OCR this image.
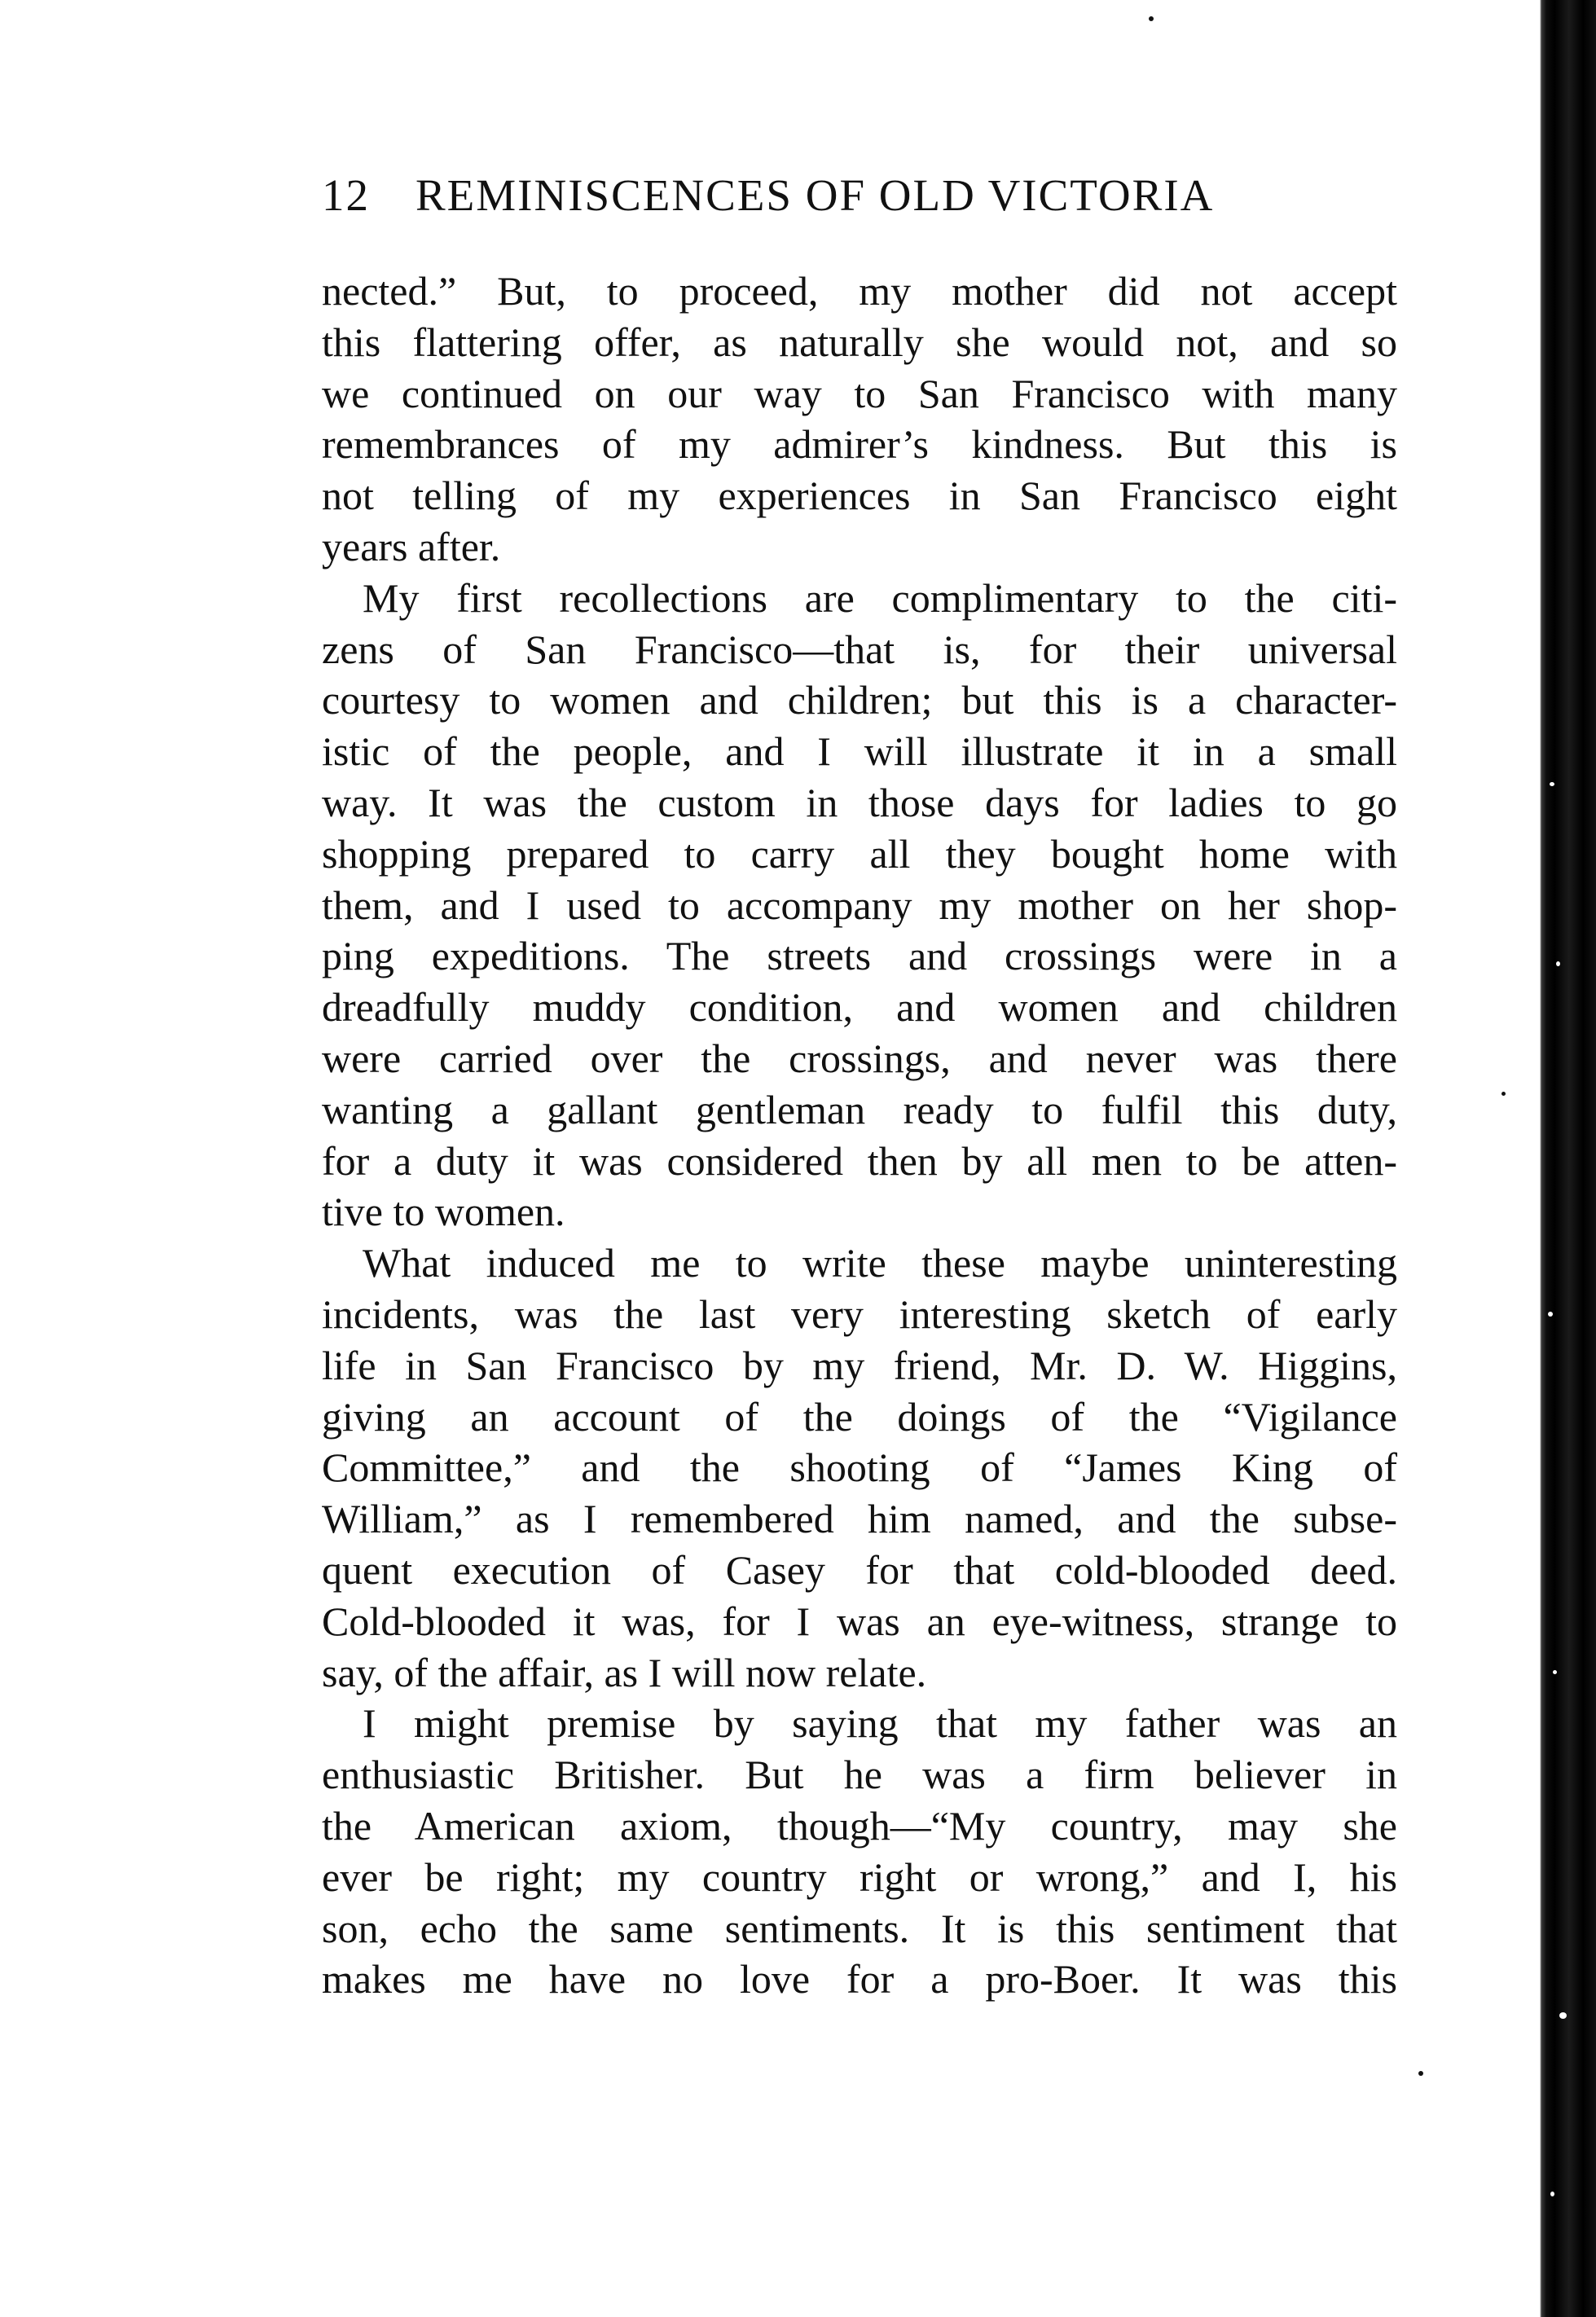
12 REMINISCENCES OF OLD VICTORIA
nected.” But, to proceed, my mother did not accept
this flattering offer, as naturally she would not, and so
we continued on our way to San Francisco with many
remembrances of my admirer’s kindness. But this is
not telling of my experiences in San Francisco eight
years after.
My first recollections are complimentary to the citi-
zens of San Francisco—that is, for their universal
courtesy to women and children; but this is a character-
istic of the people, and I will illustrate it in a small
way. It was the custom in those days for ladies to go
shopping prepared to carry all they bought home with
them, and I used to accompany my mother on her shop-
ping expeditions. The streets and crossings were in a
dreadfully muddy condition, and women and children
were carried over the crossings, and never was there
wanting a gallant gentleman ready to fulfil this duty,
for a duty it was considered then by all men to be atten-
tive to women.
What induced me to write these maybe uninteresting
incidents, was the last very interesting sketch of early
life in San Francisco by my friend, Mr. D. W. Higgins,
giving an account of the doings of the “Vigilance
Committee,” and the shooting of “James King of
William,” as I remembered him named, and the subse-
quent execution of Casey for that cold-blooded deed.
Cold-blooded it was, for I was an eye-witness, strange to
say, of the affair, as I will now relate.
I might premise by saying that my father was an
enthusiastic Britisher. But he was a firm believer in
the American axiom, though—“My country, may she
ever be right; my country right or wrong,” and I, his
son, echo the same sentiments. It is this sentiment that
makes me have no love for a pro-Boer. It was this
